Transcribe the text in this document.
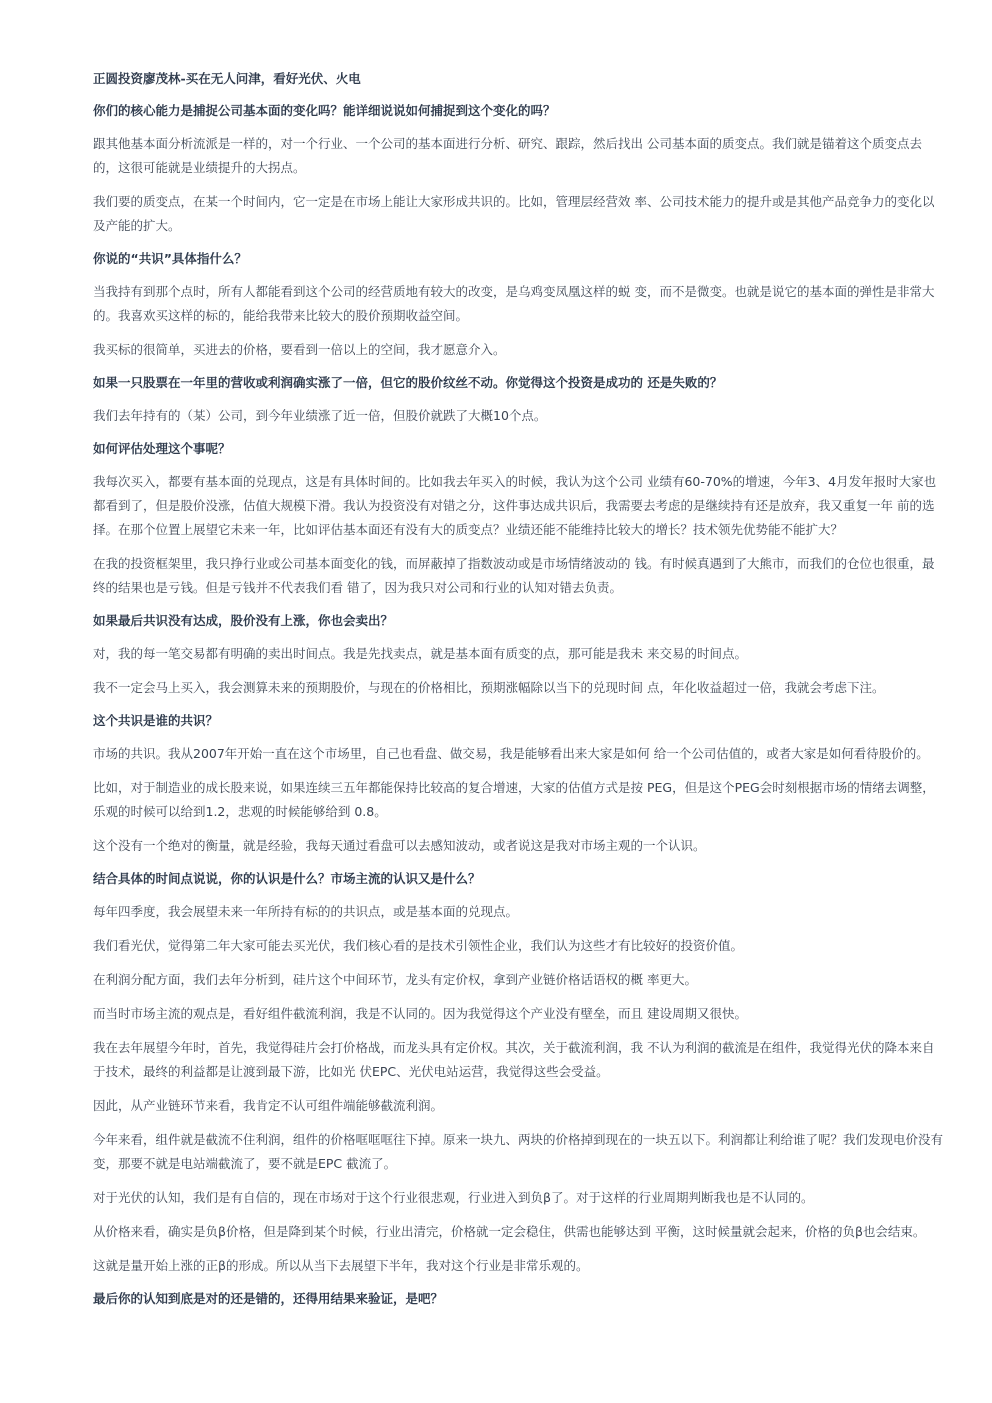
正圆投资廖茂林-买在无人问津，看好光伏、火电
你们的核心能力是捕捉公司基本面的变化吗？能详细说说如何捕捉到这个变化的吗？
跟其他基本面分析流派是一样的，对一个行业、一个公司的基本面进行分析、研究、跟踪，然后找出 公司基本面的质变点。我们就是锚着这个质变点去的，这很可能就是业绩提升的大拐点。
我们要的质变点，在某一个时间内，它一定是在市场上能让大家形成共识的。比如，管理层经营效 率、公司技术能力的提升或是其他产品竞争力的变化以及产能的扩大。
你说的“共识”具体指什么？
当我持有到那个点时，所有人都能看到这个公司的经营质地有较大的改变，是乌鸡变凤凰这样的蜕 变，而不是微变。也就是说它的基本面的弹性是非常大的。我喜欢买这样的标的，能给我带来比较大的股价预期收益空间。
我买标的很简单，买进去的价格，要看到一倍以上的空间，我才愿意介入。
如果一只股票在一年里的营收或利润确实涨了一倍，但它的股价纹丝不动。你觉得这个投资是成功的 还是失败的？
我们去年持有的（某）公司，到今年业绩涨了近一倍，但股价就跌了大概10个点。
如何评估处理这个事呢？
我每次买入，都要有基本面的兑现点，这是有具体时间的。比如我去年买入的时候，我认为这个公司 业绩有60-70%的增速，今年3、4月发年报时大家也都看到了，但是股价没涨，估值大规模下滑。我认为投资没有对错之分，这件事达成共识后，我需要去考虑的是继续持有还是放弃，我又重复一年 前的选择。在那个位置上展望它未来一年，比如评估基本面还有没有大的质变点？业绩还能不能维持比较大的增长？技术领先优势能不能扩大？
在我的投资框架里，我只挣行业或公司基本面变化的钱，而屏蔽掉了指数波动或是市场情绪波动的 钱。有时候真遇到了大熊市，而我们的仓位也很重，最终的结果也是亏钱。但是亏钱并不代表我们看 错了，因为我只对公司和行业的认知对错去负责。
如果最后共识没有达成，股价没有上涨，你也会卖出？
对，我的每一笔交易都有明确的卖出时间点。我是先找卖点，就是基本面有质变的点，那可能是我未 来交易的时间点。
我不一定会马上买入，我会测算未来的预期股价，与现在的价格相比，预期涨幅除以当下的兑现时间 点，年化收益超过一倍，我就会考虑下注。
这个共识是谁的共识？
市场的共识。我从2007年开始一直在这个市场里，自己也看盘、做交易，我是能够看出来大家是如何 给一个公司估值的，或者大家是如何看待股价的。
比如，对于制造业的成长股来说，如果连续三五年都能保持比较高的复合增速，大家的估值方式是按 PEG，但是这个PEG会时刻根据市场的情绪去调整，乐观的时候可以给到1.2，悲观的时候能够给到 0.8。
这个没有一个绝对的衡量，就是经验，我每天通过看盘可以去感知波动，或者说这是我对市场主观的一个认识。
结合具体的时间点说说，你的认识是什么？市场主流的认识又是什么？
每年四季度，我会展望未来一年所持有标的的共识点，或是基本面的兑现点。
我们看光伏，觉得第二年大家可能去买光伏，我们核心看的是技术引领性企业，我们认为这些才有比较好的投资价值。
在利润分配方面，我们去年分析到，硅片这个中间环节，龙头有定价权，拿到产业链价格话语权的概 率更大。
而当时市场主流的观点是，看好组件截流利润，我是不认同的。因为我觉得这个产业没有壁垒，而且 建设周期又很快。
我在去年展望今年时，首先，我觉得硅片会打价格战，而龙头具有定价权。其次，关于截流利润，我 不认为利润的截流是在组件，我觉得光伏的降本来自于技术，最终的利益都是让渡到最下游，比如光 伏EPC、光伏电站运营，我觉得这些会受益。
因此，从产业链环节来看，我肯定不认可组件端能够截流利润。
今年来看，组件就是截流不住利润，组件的价格哐哐哐往下掉。原来一块九、两块的价格掉到现在的一块五以下。利润都让利给谁了呢？我们发现电价没有变，那要不就是电站端截流了，要不就是EPC 截流了。
对于光伏的认知，我们是有自信的，现在市场对于这个行业很悲观，行业进入到负β了。对于这样的行业周期判断我也是不认同的。
从价格来看，确实是负β价格，但是降到某个时候，行业出清完，价格就一定会稳住，供需也能够达到 平衡，这时候量就会起来，价格的负β也会结束。
这就是量开始上涨的正β的形成。所以从当下去展望下半年，我对这个行业是非常乐观的。
最后你的认知到底是对的还是错的，还得用结果来验证，是吧？
